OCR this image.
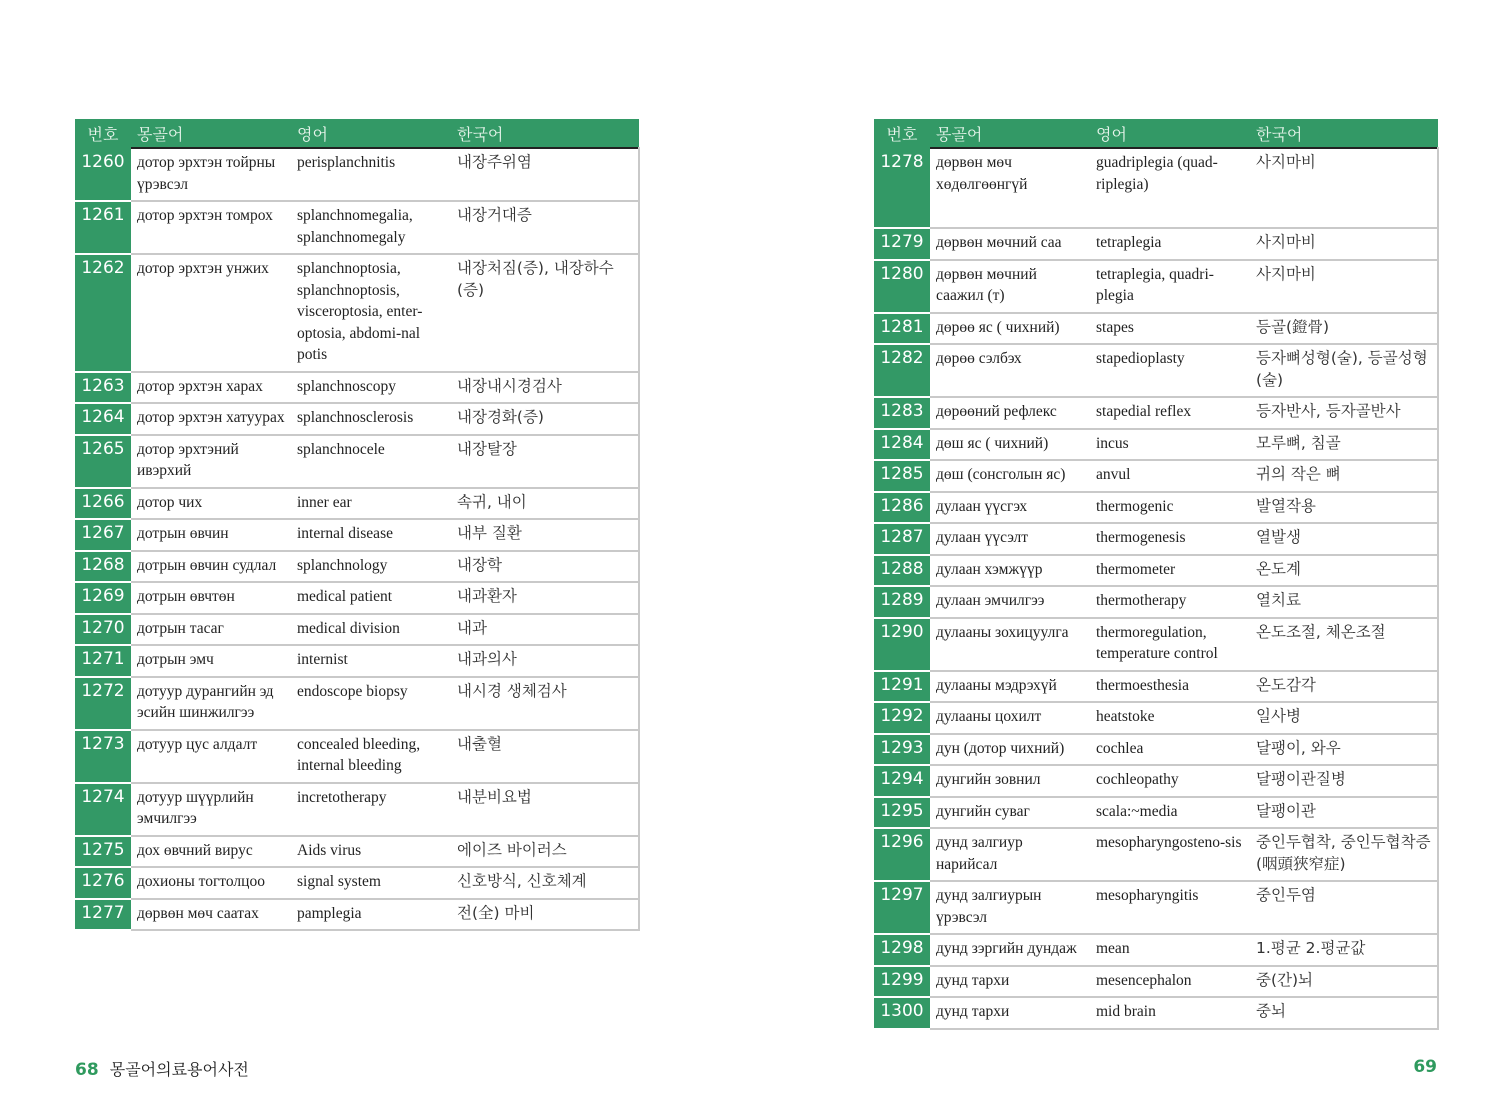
번호	몽골어	영어	한국어
1260	дотор эрхтэн тойрны үрэвсэл	perisplanchnitis	내장주위염
1261	дотор эрхтэн томрох	splanchnomegalia, splanchnomegaly	내장거대증
1262	дотор эрхтэн унжих	splanchnoptosia, splanchnoptosis, visceroptosia, enter-optosia, abdomi-nal potis	내장처짐(증), 내장하수(증)
1263	дотор эрхтэн харах	splanchnoscopy	내장내시경검사
1264	дотор эрхтэн хатуурах	splanchnosclerosis	내장경화(증)
1265	дотор эрхтэний ивэрхий	splanchnocele	내장탈장
1266	дотор чих	inner ear	속귀, 내이
1267	дотрын өвчин	internal disease	내부 질환
1268	дотрын өвчин судлал	splanchnology	내장학
1269	дотрын өвчтөн	medical patient	내과환자
1270	дотрын тасаг	medical division	내과
1271	дотрын эмч	internist	내과의사
1272	дотуур дурангийн эд эсийн шинжилгээ	endoscope biopsy	내시경 생체검사
1273	дотуур цус алдалт	concealed bleeding, internal bleeding	내출혈
1274	дотуур шүүрлийн эмчилгээ	incretotherapy	내분비요법
1275	дох өвчний вирус	Aids virus	에이즈 바이러스
1276	дохионы тогтолцоо	signal system	신호방식, 신호체계
1277	дөрвөн мөч саатах	pamplegia	전(全) 마비
번호	몽골어	영어	한국어
1278	дөрвөн мөч хөдөлгөөнгүй	guadriplegia (quad-riplegia)	사지마비
1279	дөрвөн мөчний саа	tetraplegia	사지마비
1280	дөрвөн мөчний саажил (т)	tetraplegia, quadri-plegia	사지마비
1281	дөрөө яс ( чихний)	stapes	등골(鐙骨)
1282	дөрөө сэлбэх	stapedioplasty	등자뼈성형(술), 등골성형(술)
1283	дөрөөний рефлекс	stapedial reflex	등자반사, 등자골반사
1284	дөш яс ( чихний)	incus	모루뼈, 침골
1285	дөш (сонсголын яс)	anvul	귀의 작은 뼈
1286	дулаан үүсгэх	thermogenic	발열작용
1287	дулаан үүсэлт	thermogenesis	열발생
1288	дулаан хэмжүүр	thermometer	온도계
1289	дулаан эмчилгээ	thermotherapy	열치료
1290	дулааны зохицуулга	thermoregulation, temperature control	온도조절, 체온조절
1291	дулааны мэдрэхүй	thermoesthesia	온도감각
1292	дулааны цохилт	heatstoke	일사병
1293	дун (дотор чихний)	cochlea	달팽이, 와우
1294	дунгийн зовнил	cochleopathy	달팽이관질병
1295	дунгийн суваг	scala:~media	달팽이관
1296	дунд залгиур нарийсал	mesopharyngosteno-sis	중인두협착, 중인두협착증(咽頭狹窄症)
1297	дунд залгиурын үрэвсэл	mesopharyngitis	중인두염
1298	дунд зэргийн дундаж	mean	1.평균 2.평균값
1299	дунд тархи	mesencephalon	중(간)뇌
1300	дунд тархи	mid brain	중뇌
68 몽골어의료용어사전	69
